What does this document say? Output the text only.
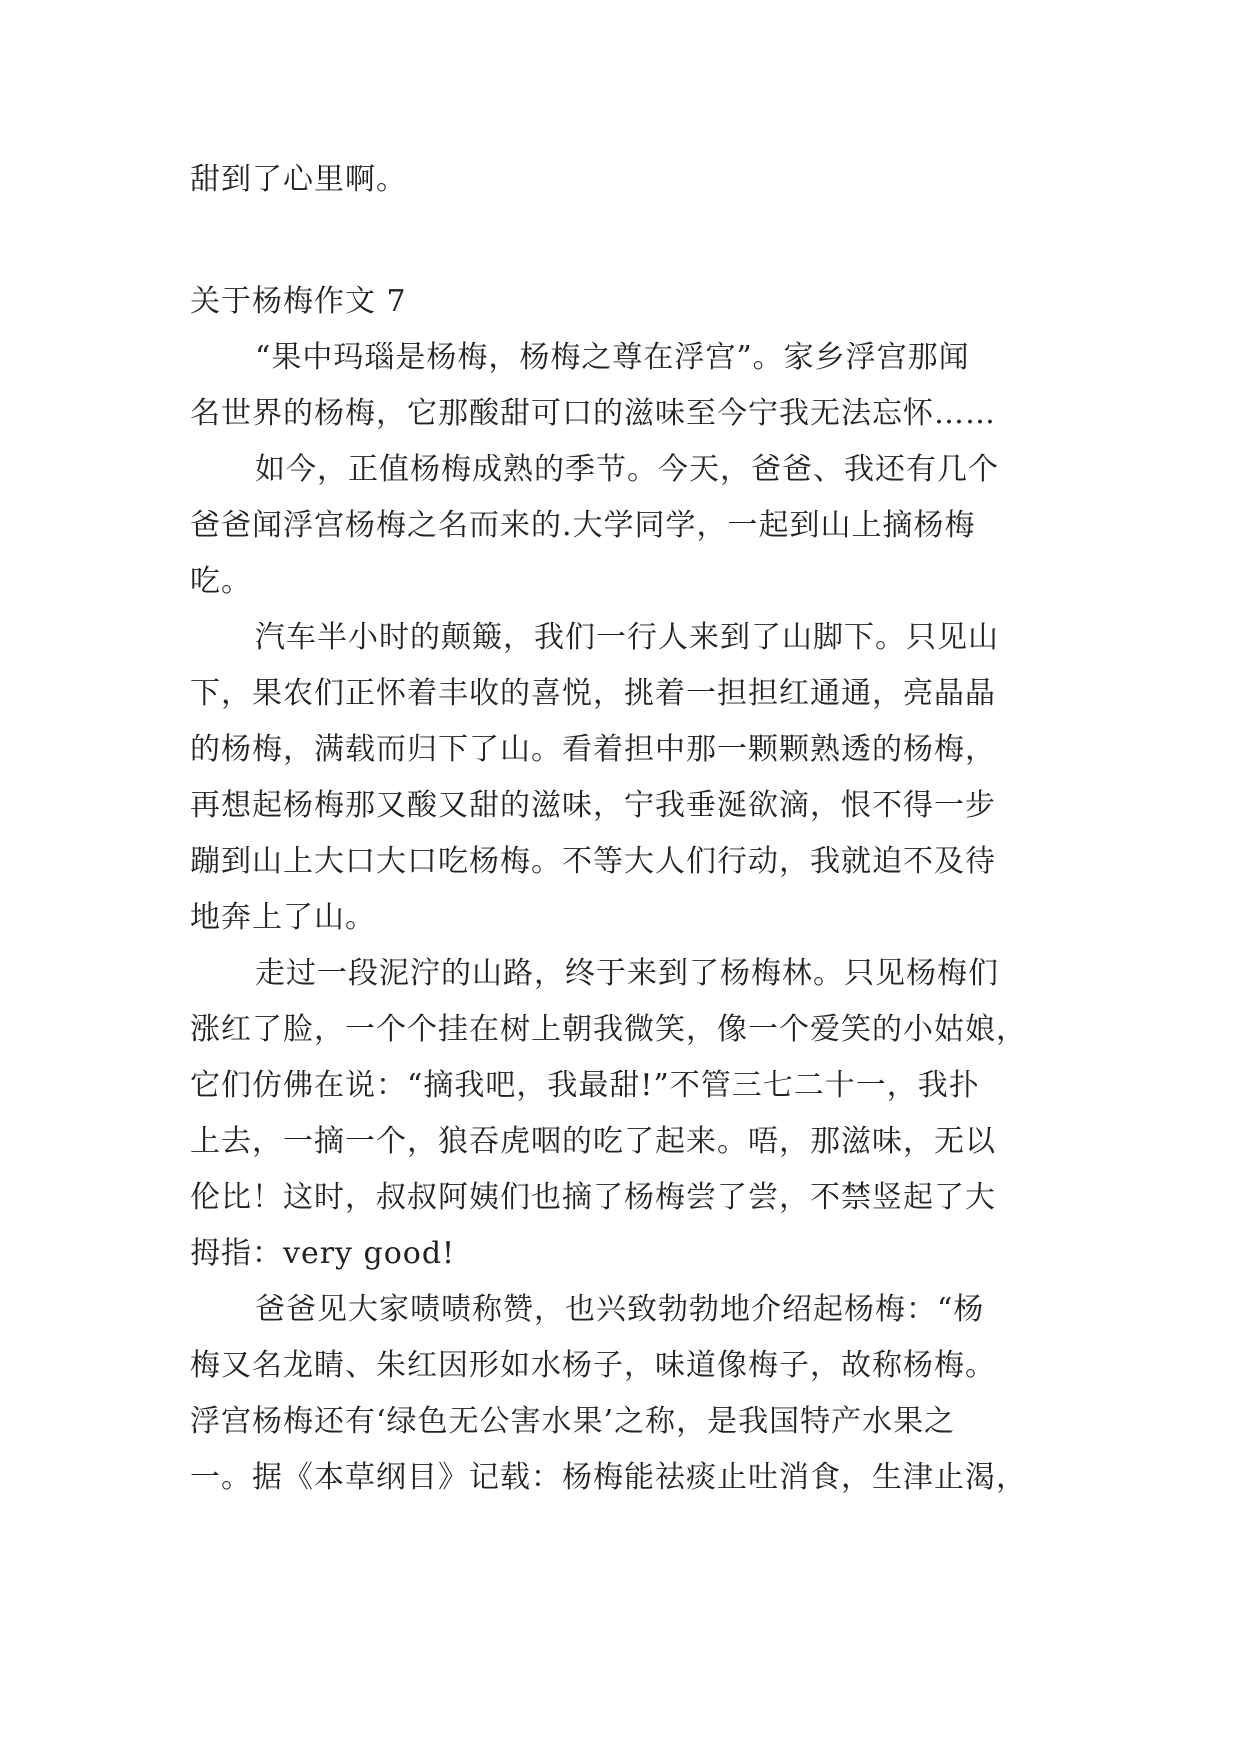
甜到了心里啊。
关于杨梅作文 7
“果中玛瑙是杨梅，杨梅之尊在浮宫”。家乡浮宫那闻
名世界的杨梅，它那酸甜可口的滋味至今宁我无法忘怀……
如今，正值杨梅成熟的季节。今天，爸爸、我还有几个
爸爸闻浮宫杨梅之名而来的.大学同学，一起到山上摘杨梅
吃。
汽车半小时的颠簸，我们一行人来到了山脚下。只见山
下，果农们正怀着丰收的喜悦，挑着一担担红通通，亮晶晶
的杨梅，满载而归下了山。看着担中那一颗颗熟透的杨梅，
再想起杨梅那又酸又甜的滋味，宁我垂涎欲滴，恨不得一步
蹦到山上大口大口吃杨梅。不等大人们行动，我就迫不及待
地奔上了山。
走过一段泥泞的山路，终于来到了杨梅林。只见杨梅们
涨红了脸，一个个挂在树上朝我微笑，像一个爱笑的小姑娘，
它们仿佛在说：“摘我吧，我最甜!”不管三七二十一，我扑
上去，一摘一个，狼吞虎咽的吃了起来。唔，那滋味，无以
伦比！这时，叔叔阿姨们也摘了杨梅尝了尝，不禁竖起了大
拇指：very good!
爸爸见大家啧啧称赞，也兴致勃勃地介绍起杨梅：“杨
梅又名龙睛、朱红因形如水杨子，味道像梅子，故称杨梅。
浮宫杨梅还有‘绿色无公害水果’之称，是我国特产水果之
一。据《本草纲目》记载：杨梅能祛痰止吐消食，生津止渴，
